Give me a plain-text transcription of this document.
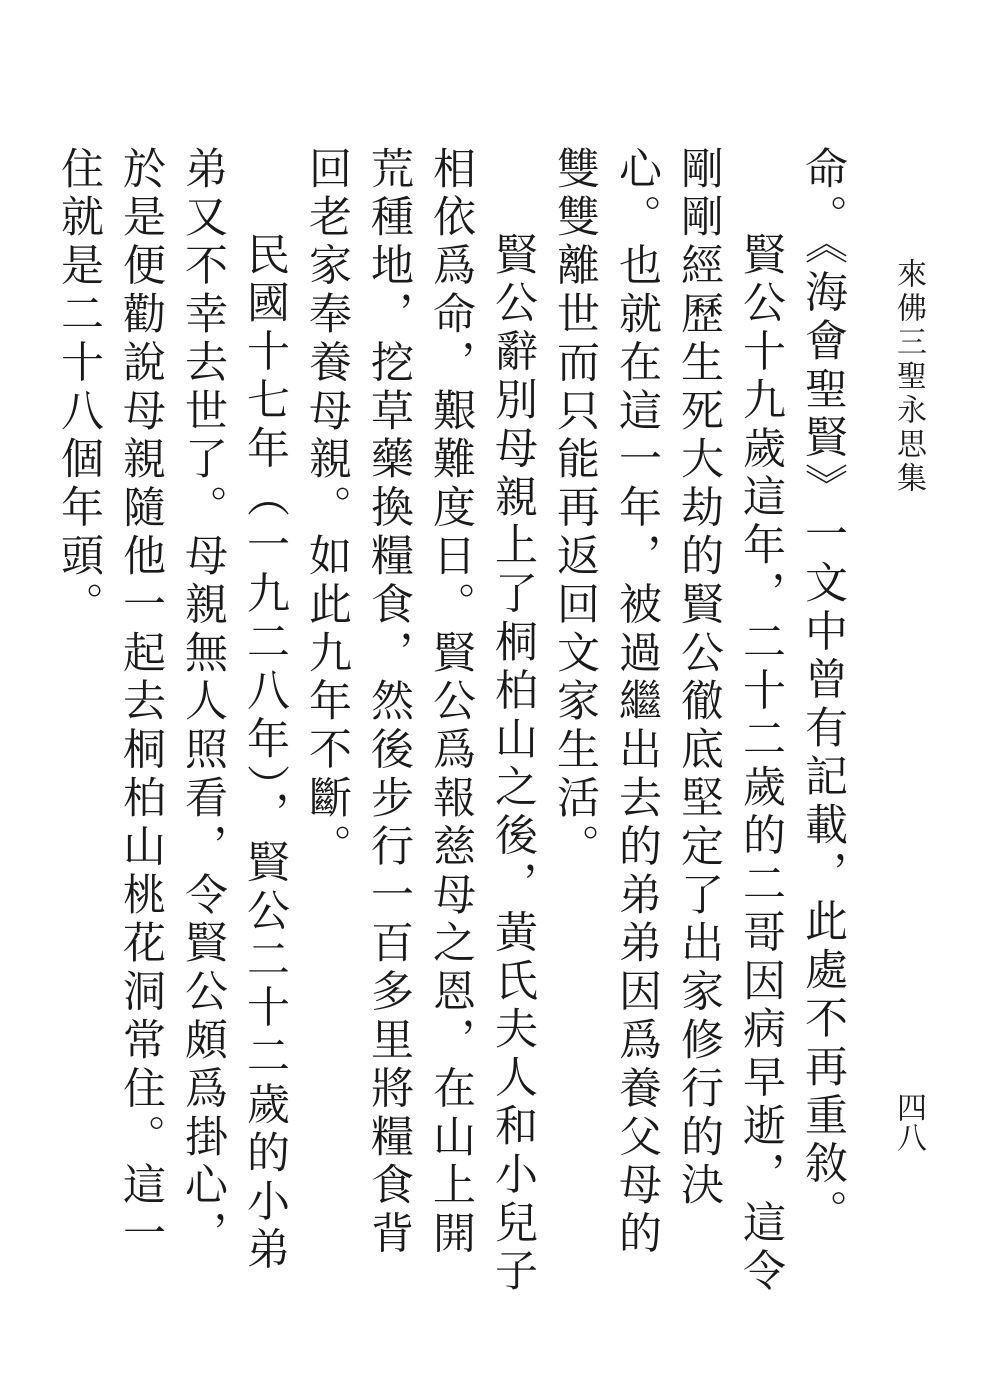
來佛三聖永思集
四八

命。《海會聖賢》一文中曾有記載，此處不再重敘。

賢公十九歲這年，二十二歲的二哥因病早逝，這令剛剛經歷生死大劫的賢公徹底堅定了出家修行的決心。也就在這一年，被過繼出去的弟弟因爲養父母的雙雙離世而只能再返回文家生活。

賢公辭別母親上了桐柏山之後，黃氏夫人和小兒子相依爲命，艱難度日。賢公爲報慈母之恩，在山上開荒種地，挖草藥換糧食，然後步行一百多里將糧食背回老家奉養母親。如此九年不斷。

民國十七年（一九二八年），賢公二十二歲的小弟弟又不幸去世了。母親無人照看，令賢公頗爲掛心，於是便勸說母親隨他一起去桐柏山桃花洞常住。這一住就是二十八個年頭。
